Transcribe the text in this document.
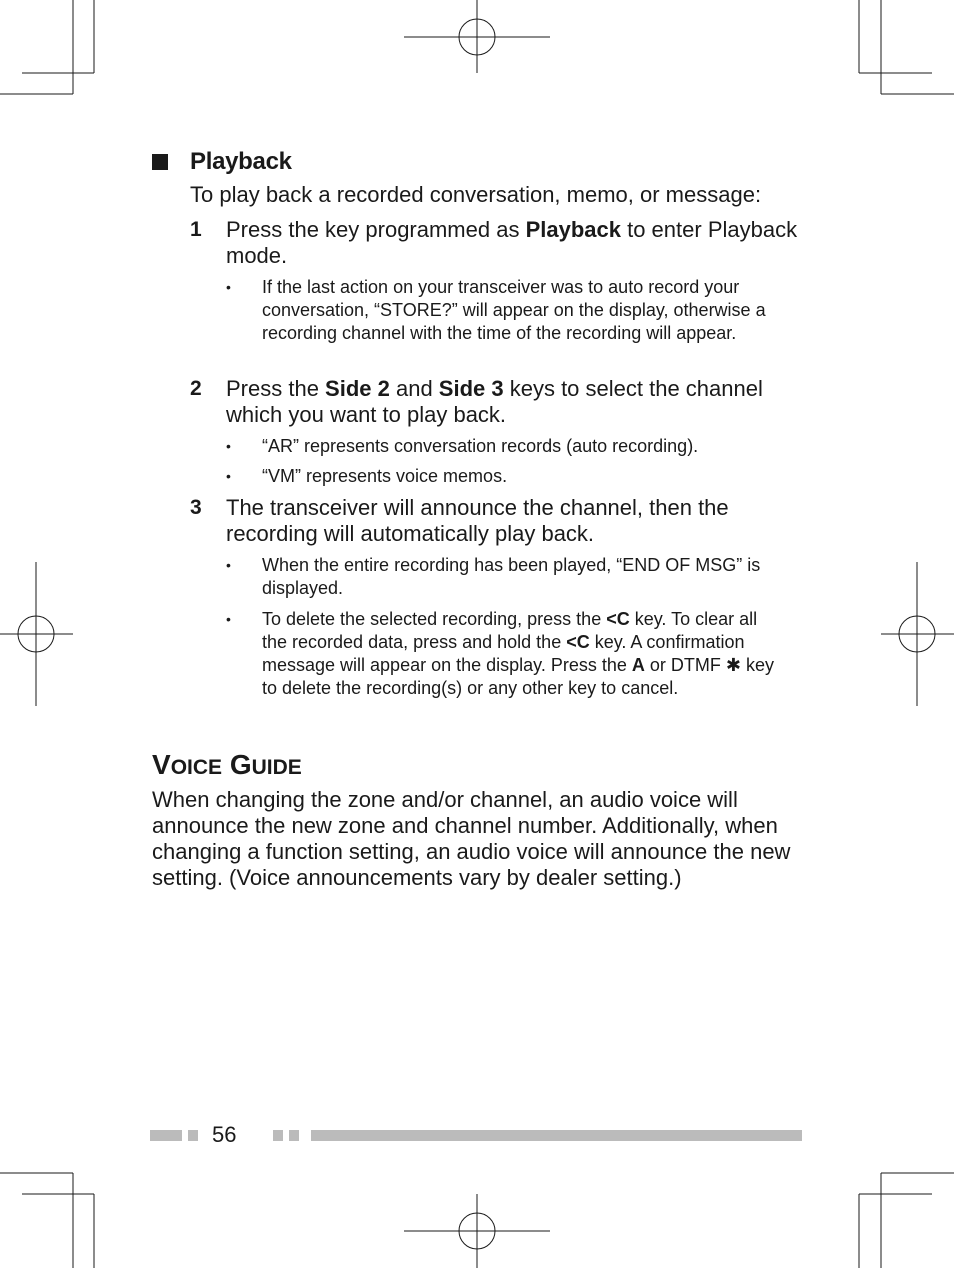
Playback
To play back a recorded conversation, memo, or message:
1	Press the key programmed as Playback to enter Playback mode.
•	If the last action on your transceiver was to auto record your conversation, “STORE?” will appear on the display, otherwise a recording channel with the time of the recording will appear.
2	Press the Side 2 and Side 3 keys to select the channel which you want to play back.
•	“AR” represents conversation records (auto recording).
•	“VM” represents voice memos.
3	The transceiver will announce the channel, then the recording will automatically play back.
•	When the entire recording has been played, “END OF MSG” is displayed.
•	To delete the selected recording, press the <C key. To clear all the recorded data, press and hold the <C key. A confirmation message will appear on the display. Press the A or DTMF ✱ key to delete the recording(s) or any other key to cancel.
VOICE GUIDE
When changing the zone and/or channel, an audio voice will announce the new zone and channel number. Additionally, when changing a function setting, an audio voice will announce the new setting. (Voice announcements vary by dealer setting.)
56
